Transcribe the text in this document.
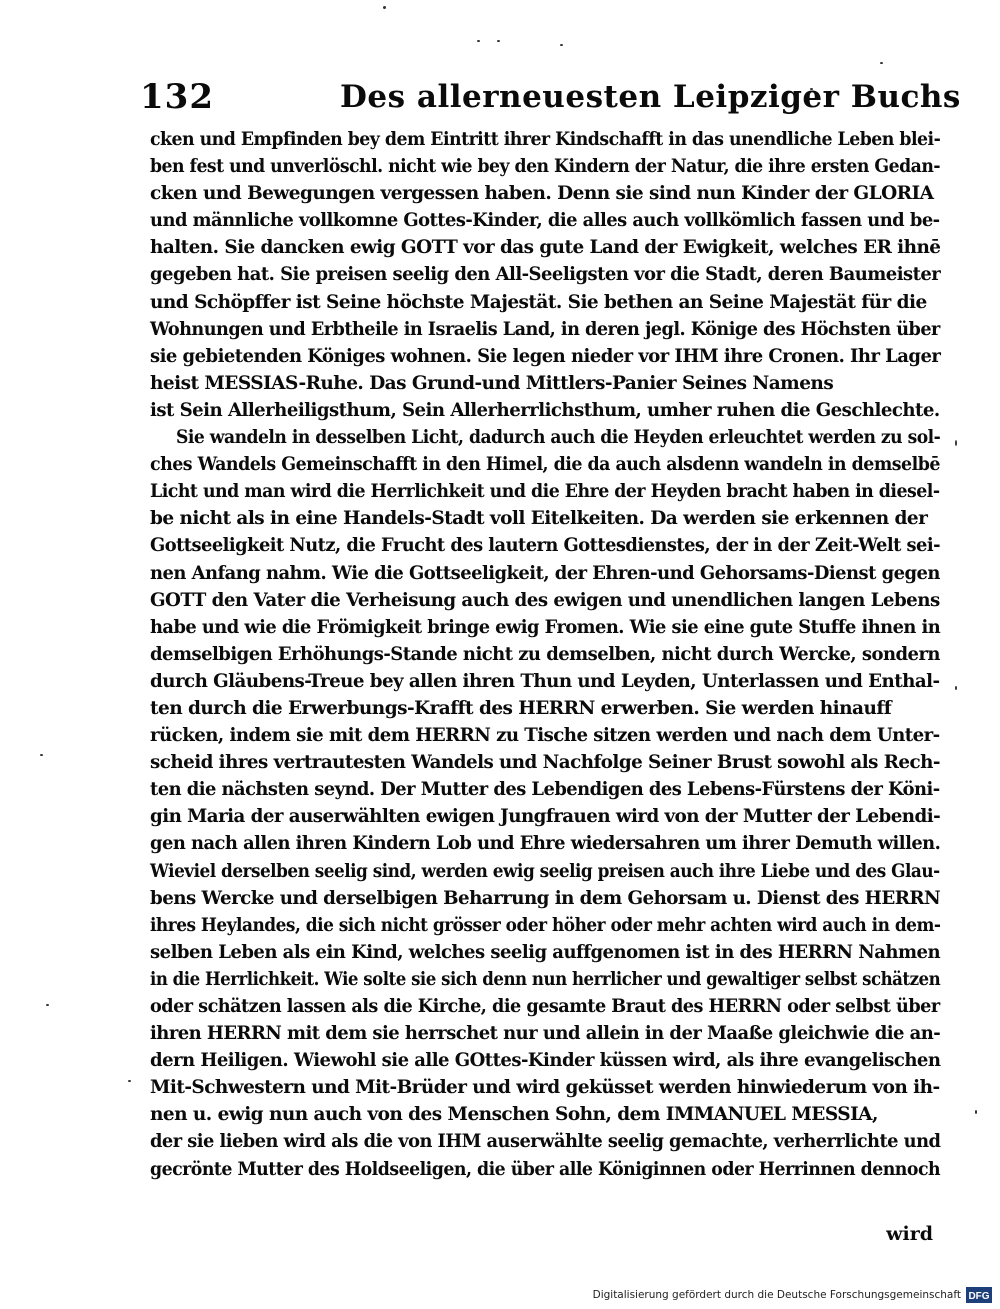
132	Des allerneuesten Leipziger Buchs
cken und Empfinden bey dem Eintritt ihrer Kindschafft in das unendliche Leben blei-
ben fest und unverlöschl. nicht wie bey den Kindern der Natur, die ihre ersten Gedan-
cken und Bewegungen vergessen haben. Denn sie sind nun Kinder der GLORIA
und männliche vollkomne Gottes-Kinder, die alles auch vollkömlich fassen und be-
halten. Sie dancken ewig GOTT vor das gute Land der Ewigkeit, welches ER ihnē
gegeben hat. Sie preisen seelig den All-Seeligsten vor die Stadt, deren Baumeister
und Schöpffer ist Seine höchste Majestät. Sie bethen an Seine Majestät für die
Wohnungen und Erbtheile in Israelis Land, in deren jegl. Könige des Höchsten über
sie gebietenden Königes wohnen. Sie legen nieder vor IHM ihre Cronen. Ihr Lager
heist MESSIAS-Ruhe. Das Grund-und Mittlers-Panier Seines Namens
ist Sein Allerheiligsthum, Sein Allerherrlichsthum, umher ruhen die Geschlechte.
Sie wandeln in desselben Licht, dadurch auch die Heyden erleuchtet werden zu sol-
ches Wandels Gemeinschafft in den Himel, die da auch alsdenn wandeln in demselbē
Licht und man wird die Herrlichkeit und die Ehre der Heyden bracht haben in diesel-
be nicht als in eine Handels-Stadt voll Eitelkeiten. Da werden sie erkennen der
Gottseeligkeit Nutz, die Frucht des lautern Gottesdienstes, der in der Zeit-Welt sei-
nen Anfang nahm. Wie die Gottseeligkeit, der Ehren-und Gehorsams-Dienst gegen
GOTT den Vater die Verheisung auch des ewigen und unendlichen langen Lebens
habe und wie die Frömigkeit bringe ewig Fromen. Wie sie eine gute Stuffe ihnen in
demselbigen Erhöhungs-Stande nicht zu demselben, nicht durch Wercke, sondern
durch Gläubens-Treue bey allen ihren Thun und Leyden, Unterlassen und Enthal-
ten durch die Erwerbungs-Krafft des HERRN erwerben. Sie werden hinauff
rücken, indem sie mit dem HERRN zu Tische sitzen werden und nach dem Unter-
scheid ihres vertrautesten Wandels und Nachfolge Seiner Brust sowohl als Rech-
ten die nächsten seynd. Der Mutter des Lebendigen des Lebens-Fürstens der Köni-
gin Maria der auserwählten ewigen Jungfrauen wird von der Mutter der Lebendi-
gen nach allen ihren Kindern Lob und Ehre wiedersahren um ihrer Demuth willen.
Wieviel derselben seelig sind, werden ewig seelig preisen auch ihre Liebe und des Glau-
bens Wercke und derselbigen Beharrung in dem Gehorsam u. Dienst des HERRN
ihres Heylandes, die sich nicht grösser oder höher oder mehr achten wird auch in dem-
selben Leben als ein Kind, welches seelig auffgenomen ist in des HERRN Nahmen
in die Herrlichkeit. Wie solte sie sich denn nun herrlicher und gewaltiger selbst schätzen
oder schätzen lassen als die Kirche, die gesamte Braut des HERRN oder selbst über
ihren HERRN mit dem sie herrschet nur und allein in der Maaße gleichwie die an-
dern Heiligen. Wiewohl sie alle GOttes-Kinder küssen wird, als ihre evangelischen
Mit-Schwestern und Mit-Brüder und wird geküsset werden hinwiederum von ih-
nen u. ewig nun auch von des Menschen Sohn, dem IMMANUEL MESSIA,
der sie lieben wird als die von IHM auserwählte seelig gemachte, verherrlichte und
gecrönte Mutter des Holdseeligen, die über alle Königinnen oder Herrinnen dennoch
wird
Digitalisierung gefördert durch die Deutsche Forschungsgemeinschaft DFG
